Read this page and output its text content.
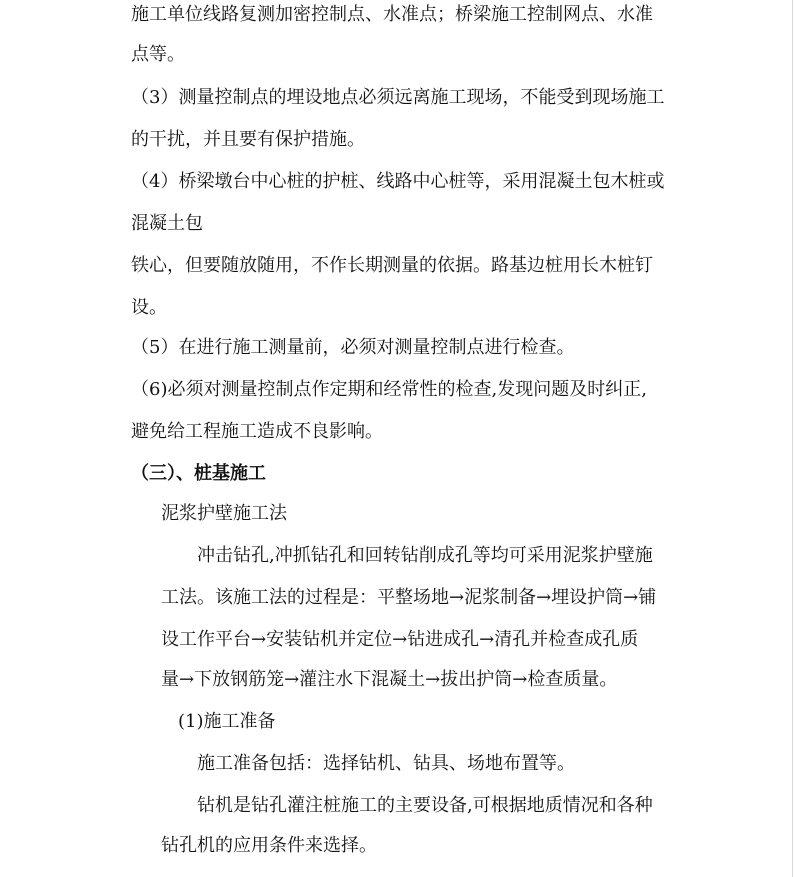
施工单位线路复测加密控制点、水准点；桥梁施工控制网点、水准
点等。
（3）测量控制点的埋设地点必须远离施工现场，不能受到现场施工
的干扰，并且要有保护措施。
（4）桥梁墩台中心桩的护桩、线路中心桩等，采用混凝土包木桩或
混凝土包
铁心，但要随放随用，不作长期测量的依据。路基边桩用长木桩钉
设。
（5）在进行施工测量前，必须对测量控制点进行检查。
（6)必须对测量控制点作定期和经常性的检查,发现问题及时纠正,
避免给工程施工造成不良影响。
（三）、桩基施工
泥浆护壁施工法
冲击钻孔,冲抓钻孔和回转钻削成孔等均可采用泥浆护壁施
工法。该施工法的过程是：平整场地→泥浆制备→埋设护筒→铺
设工作平台→安装钻机并定位→钻进成孔→清孔并检查成孔质
量→下放钢筋笼→灌注水下混凝土→拔出护筒→检查质量。
(1)施工准备
施工准备包括：选择钻机、钻具、场地布置等。
钻机是钻孔灌注桩施工的主要设备,可根据地质情况和各种
钻孔机的应用条件来选择。
